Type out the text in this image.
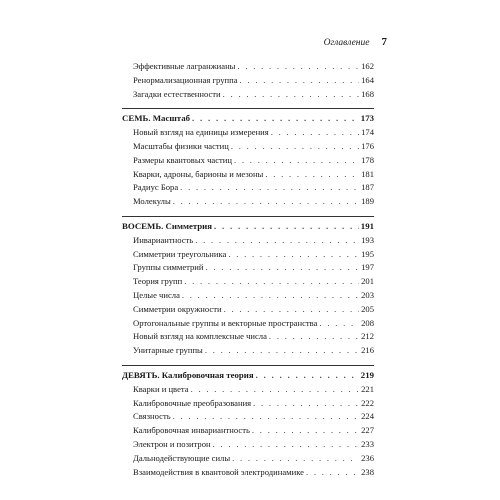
Оглавление 7
Эффективные лагранжианы . . .	162
Ренормализационная группа . . .	164
Загадки естественности . . .	168
СЕМЬ. Масштаб . . .	173
Новый взгляд на единицы измерения . . .	174
Масштабы физики частиц . . .	176
Размеры квантовых частиц . . .	178
Кварки, адроны, барионы и мезоны . . .	181
Радиус Бора . . .	187
Молекулы . . .	189
ВОСЕМЬ. Симметрия . . .	191
Инвариантность . . .	193
Симметрии треугольника . . .	195
Группы симметрий . . .	197
Теория групп . . .	201
Целые числа . . .	203
Симметрии окружности . . .	205
Ортогональные группы и векторные пространства . . .	208
Новый взгляд на комплексные числа . . .	212
Унитарные группы . . .	216
ДЕВЯТЬ. Калибровочная теория . . .	219
Кварки и цвета . . .	221
Калибровочные преобразования . . .	222
Связность . . .	224
Калибровочная инвариантность . . .	227
Электрон и позитрон . . .	233
Дальнодействующие силы . . .	236
Взаимодействия в квантовой электродинамике . . .	238
